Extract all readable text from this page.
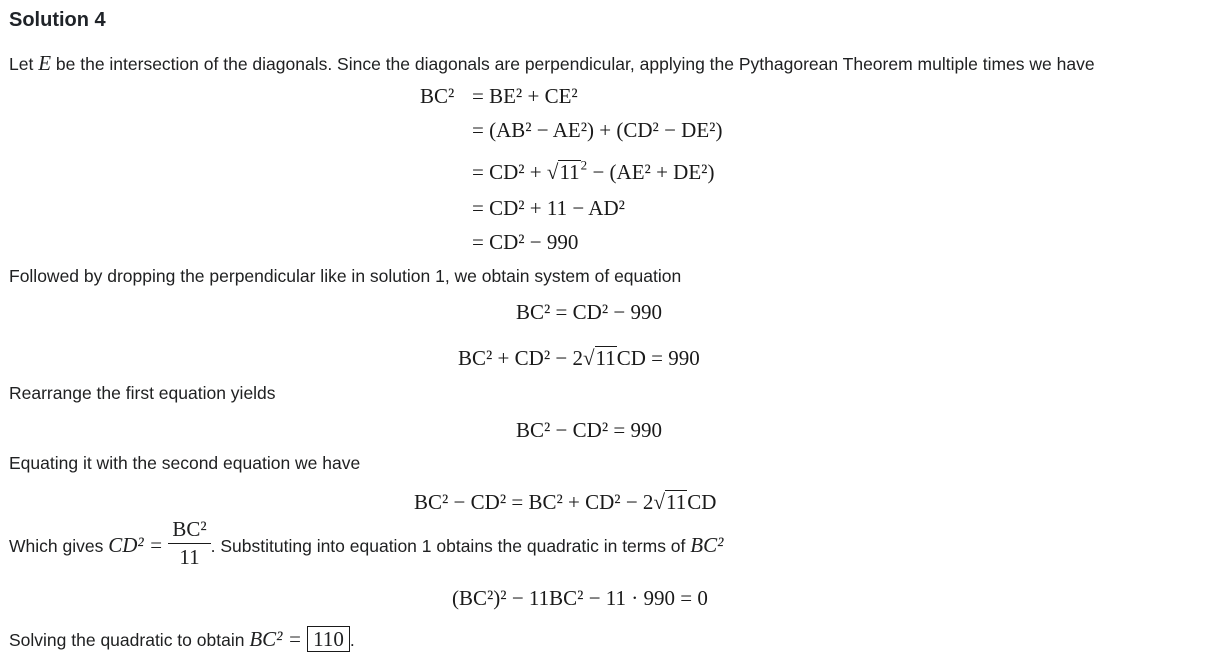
Solution 4
Let E be the intersection of the diagonals. Since the diagonals are perpendicular, applying the Pythagorean Theorem multiple times we have
BC² = BE² + CE²
= (AB² − AE²) + (CD² − DE²)
= $CD^2 + √11^2 - (AE^2 + DE^2)$
= CD² + 11 − AD²
= CD² − 990
Followed by dropping the perpendicular like in solution 1, we obtain system of equation
BC² = CD² − 990
BC² + CD² − 2√11CD = 990
Rearrange the first equation yields
BC² − CD² = 990
Equating it with the second equation we have
BC² − CD² = BC² + CD² − 2√11CD
Which gives $CD^2 = \frac{\text{BC²}}{11}$ . Substituting into equation 1 obtains the quadratic in terms of BC²
(BC²)² − 11BC² − 11 · 990 = 0
Solving the quadratic to obtain BC² = 110 .
